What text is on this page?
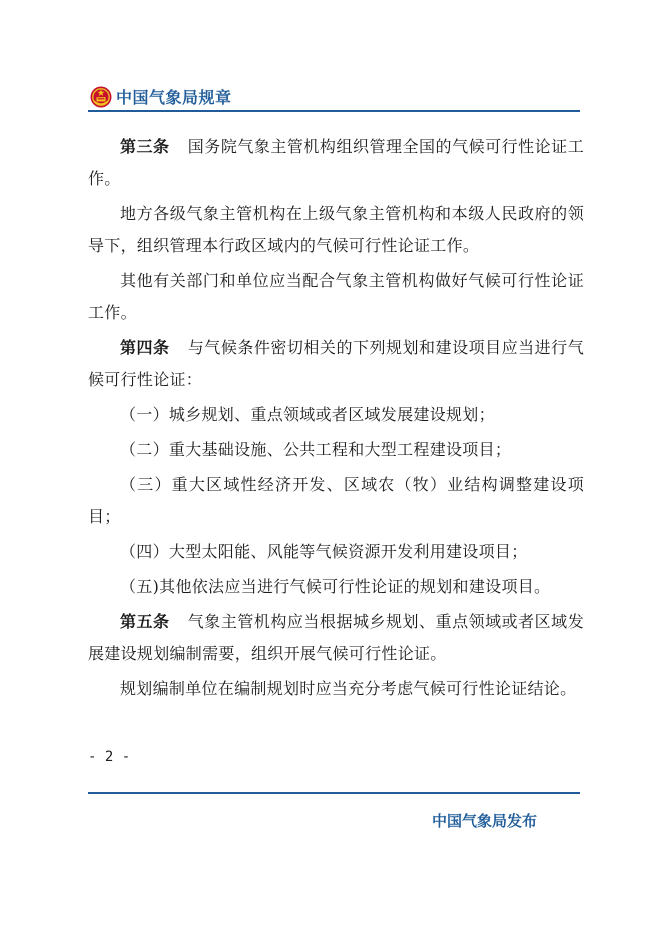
中国气象局规章

第三条 国务院气象主管机构组织管理全国的气候可行性论证工作。

地方各级气象主管机构在上级气象主管机构和本级人民政府的领导下，组织管理本行政区域内的气候可行性论证工作。

其他有关部门和单位应当配合气象主管机构做好气候可行性论证工作。

第四条 与气候条件密切相关的下列规划和建设项目应当进行气候可行性论证：

（一）城乡规划、重点领域或者区域发展建设规划；

（二）重大基础设施、公共工程和大型工程建设项目；

（三）重大区域性经济开发、区域农（牧）业结构调整建设项目；

（四）大型太阳能、风能等气候资源开发利用建设项目；

（五)其他依法应当进行气候可行性论证的规划和建设项目。

第五条 气象主管机构应当根据城乡规划、重点领域或者区域发展建设规划编制需要，组织开展气候可行性论证。

规划编制单位在编制规划时应当充分考虑气候可行性论证结论。

- 2 -
中国气象局发布
